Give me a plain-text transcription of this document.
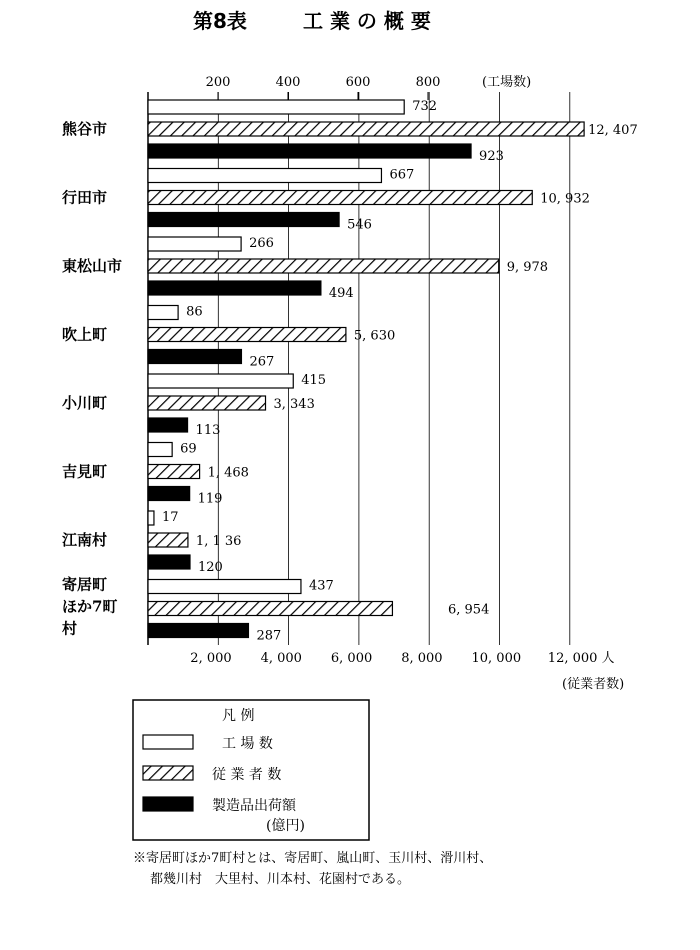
第8表	工 業 の 概 要
200	400	600	800	(工場数)
2, 000 4, 000 6, 000 8, 000 10, 000 12, 000 人
(従業者数)
熊谷市
行田市
東松山市
吹上町
小川町
吉見町
江南村
寄居町
ほか7町
村
732
12, 407
923
667
10, 932
546
266
9, 978
494
86
5, 630
267
415
3, 343
113
69
1, 468
119
17
1, 1 36
120
437
6, 954
287
凡 例
工 場 数
従 業 者 数
製造品出荷額
(億円)
※寄居町ほか7町村とは、寄居町、嵐山町、玉川村、滑川村、
都幾川村　大里村、川本村、花園村である。
